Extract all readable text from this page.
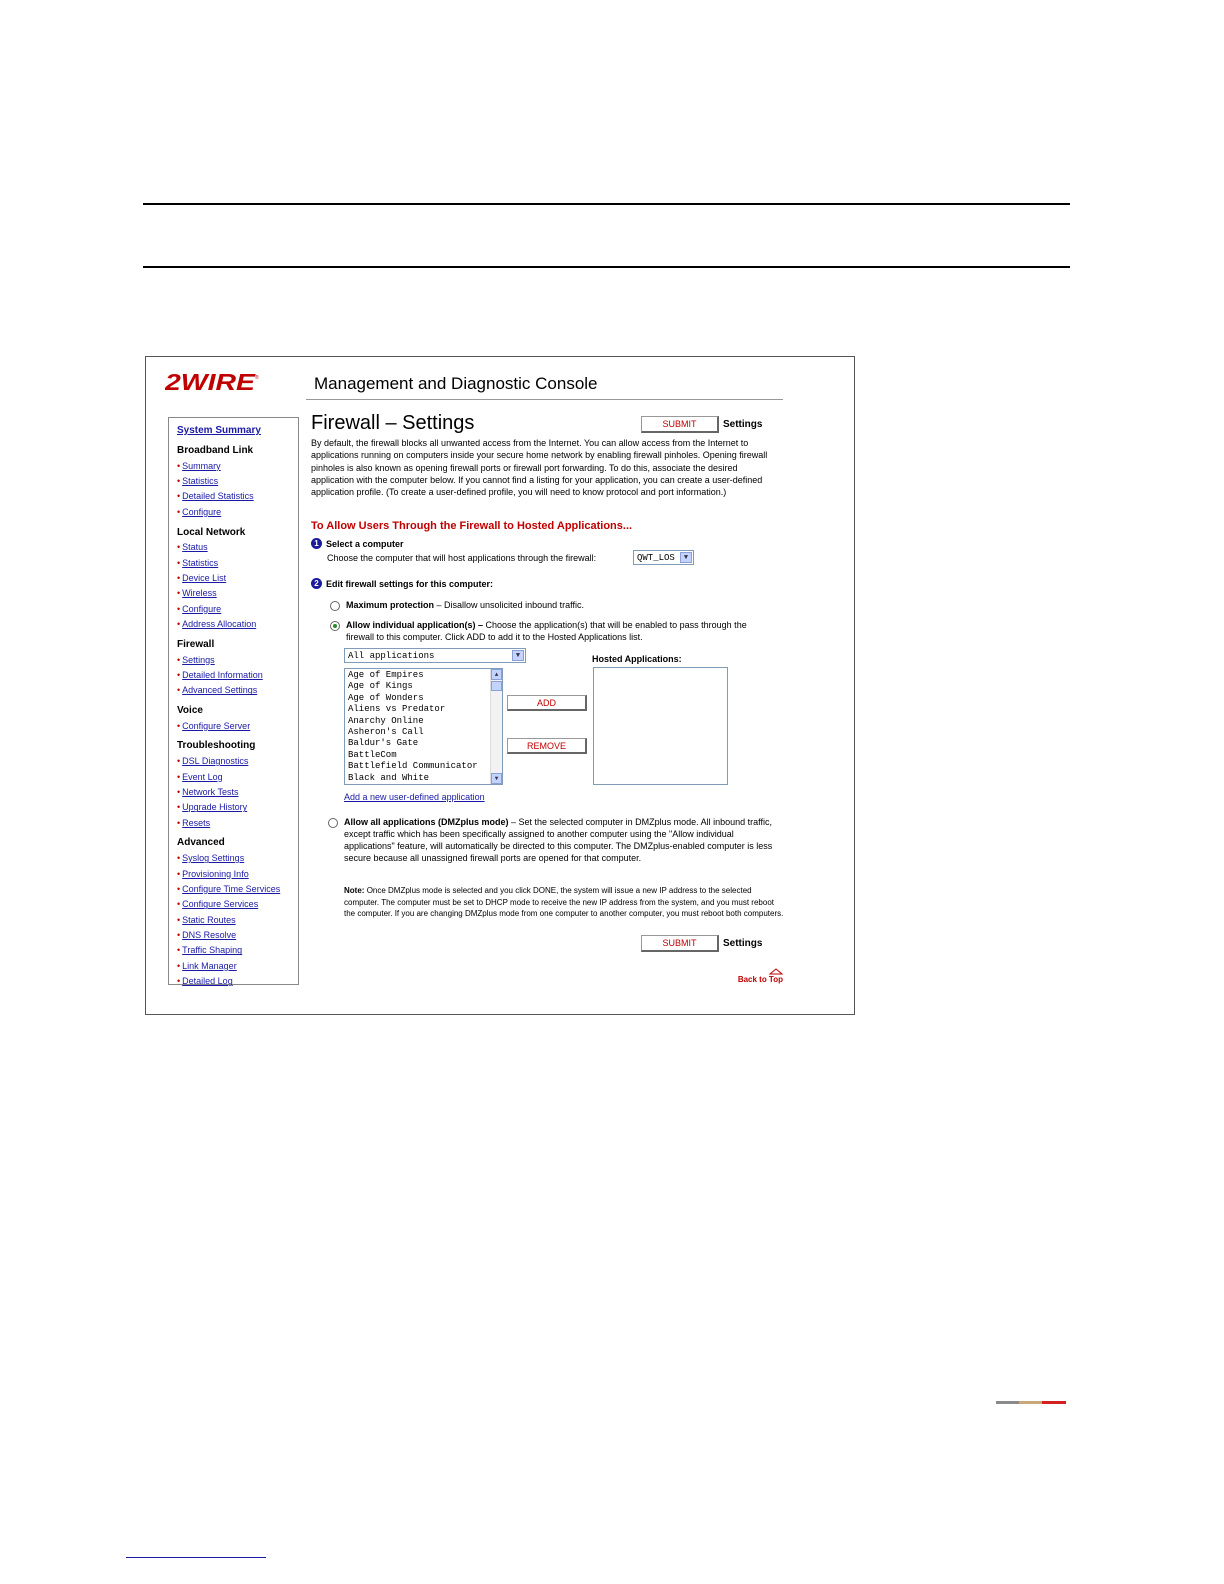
2WIRE ®	Management and Diagnostic Console
System Summary
Broadband Link
• Summary
• Statistics
• Detailed Statistics
• Configure
Local Network
• Status
• Statistics
• Device List
• Wireless
• Configure
• Address Allocation
Firewall
• Settings
• Detailed Information
• Advanced Settings
Voice
• Configure Server
Troubleshooting
• DSL Diagnostics
• Event Log
• Network Tests
• Upgrade History
• Resets
Advanced
• Syslog Settings
• Provisioning Info
• Configure Time Services
• Configure Services
• Static Routes
• DNS Resolve
• Traffic Shaping
• Link Manager
• Detailed Log
Firewall – Settings	SUBMIT	Settings
By default, the firewall blocks all unwanted access from the Internet. You can allow access from the Internet to applications running on computers inside your secure home network by enabling firewall pinholes. Opening firewall pinholes is also known as opening firewall ports or firewall port forwarding. To do this, associate the desired application with the computer below. If you cannot find a listing for your application, you can create a user-defined application profile. (To create a user-defined profile, you will need to know protocol and port information.)
To Allow Users Through the Firewall to Hosted Applications...
1 Select a computer
Choose the computer that will host applications through the firewall:	QWT_LOS	▼
2 Edit firewall settings for this computer:
Maximum protection – Disallow unsolicited inbound traffic.
Allow individual application(s) – Choose the application(s) that will be enabled to pass through the firewall to this computer. Click ADD to add it to the Hosted Applications list.
All applications	▼	Hosted Applications:
Age of Empires
Age of Kings
Age of Wonders
Aliens vs Predator
Anarchy Online
Asheron's Call
Baldur's Gate
BattleCom
Battlefield Communicator
Black and White
▲
▼
ADD
REMOVE
Add a new user-defined application
Allow all applications (DMZplus mode) – Set the selected computer in DMZplus mode. All inbound traffic, except traffic which has been specifically assigned to another computer using the "Allow individual applications" feature, will automatically be directed to this computer. The DMZplus-enabled computer is less secure because all unassigned firewall ports are opened for that computer.
Note: Once DMZplus mode is selected and you click DONE, the system will issue a new IP address to the selected computer. The computer must be set to DHCP mode to receive the new IP address from the system, and you must reboot the computer. If you are changing DMZplus mode from one computer to another computer, you must reboot both computers.
SUBMIT	Settings
Back to Top
